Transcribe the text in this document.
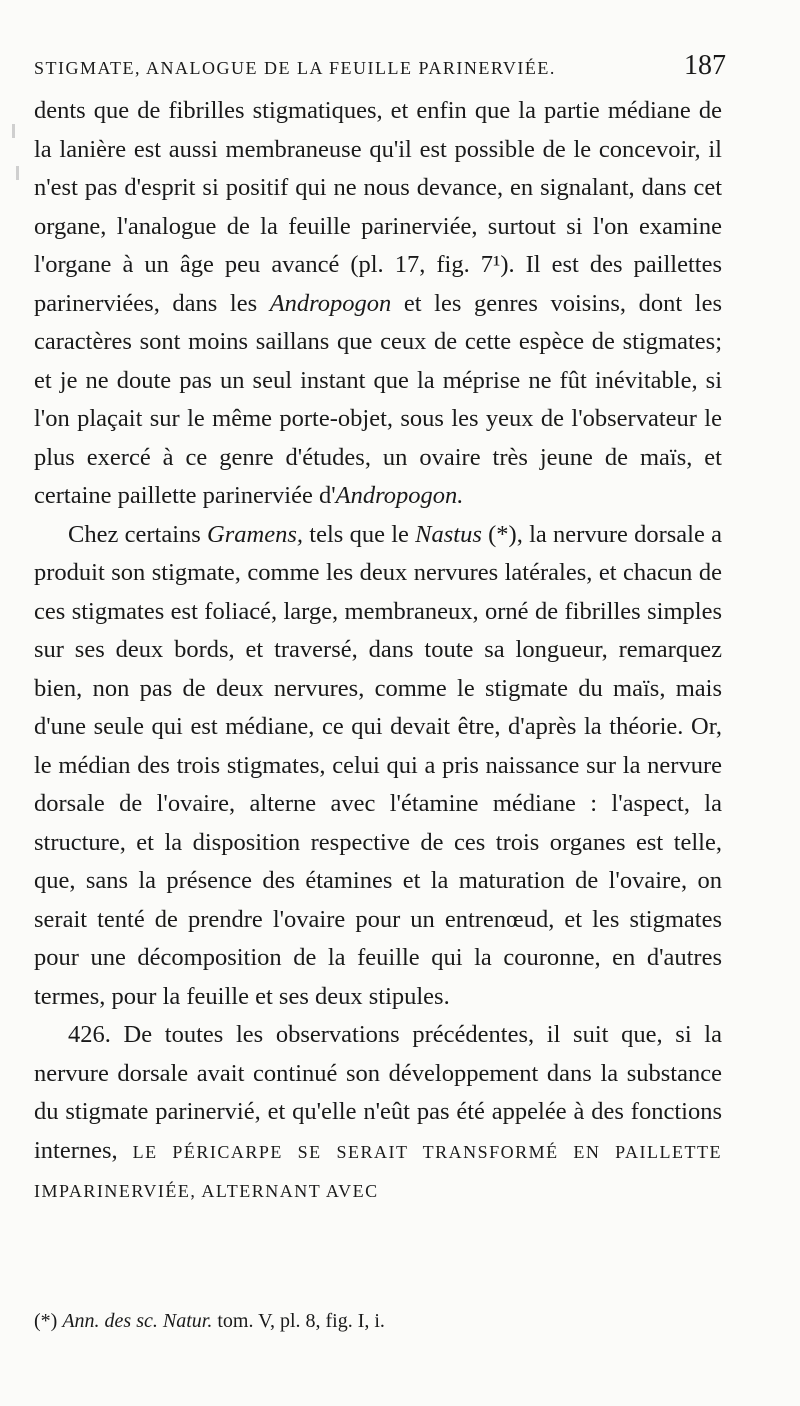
STIGMATE, ANALOGUE DE LA FEUILLE PARINERVIÉE.	187

dents que de fibrilles stigmatiques, et enfin que la partie médiane de la lanière est aussi membraneuse qu'il est possible de le concevoir, il n'est pas d'esprit si positif qui ne nous devance, en signalant, dans cet organe, l'analogue de la feuille parinerviée, surtout si l'on examine l'organe à un âge peu avancé (pl. 17, fig. 7¹). Il est des paillettes parinerviées, dans les Andropogon et les genres voisins, dont les caractères sont moins saillans que ceux de cette espèce de stigmates; et je ne doute pas un seul instant que la méprise ne fût inévitable, si l'on plaçait sur le même porte-objet, sous les yeux de l'observateur le plus exercé à ce genre d'études, un ovaire très jeune de maïs, et certaine paillette parinerviée d'Andropogon.

Chez certains Gramens, tels que le Nastus (*), la nervure dorsale a produit son stigmate, comme les deux nervures latérales, et chacun de ces stigmates est foliacé, large, membraneux, orné de fibrilles simples sur ses deux bords, et traversé, dans toute sa longueur, remarquez bien, non pas de deux nervures, comme le stigmate du maïs, mais d'une seule qui est médiane, ce qui devait être, d'après la théorie. Or, le médian des trois stigmates, celui qui a pris naissance sur la nervure dorsale de l'ovaire, alterne avec l'étamine médiane : l'aspect, la structure, et la disposition respective de ces trois organes est telle, que, sans la présence des étamines et la maturation de l'ovaire, on serait tenté de prendre l'ovaire pour un entrenœud, et les stigmates pour une décomposition de la feuille qui la couronne, en d'autres termes, pour la feuille et ses deux stipules.

426. De toutes les observations précédentes, il suit que, si la nervure dorsale avait continué son développement dans la substance du stigmate parinervié, et qu'elle n'eût pas été appelée à des fonctions internes, LE PÉRICARPE SE SERAIT TRANSFORMÉ EN PAILLETTE IMPARINERVIÉE, ALTERNANT AVEC

(*) Ann. des sc. Natur. tom. V, pl. 8, fig. I, i.
